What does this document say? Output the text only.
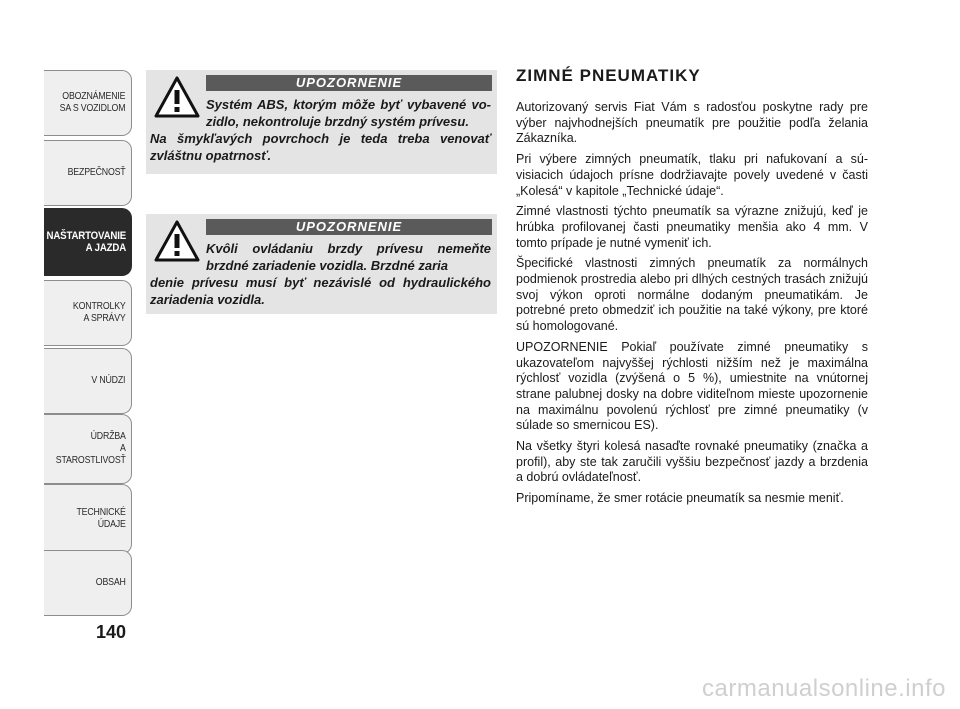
OBOZNÁMENIE
SA S VOZIDLOM
BEZPEČNOSŤ
NAŠTARTOVANIE
A JAZDA
KONTROLKY
A SPRÁVY
V NÚDZI
ÚDRŽBA
A STAROSTLIVOSŤ
TECHNICKÉ
ÚDAJE
OBSAH
140
UPOZORNENIE
Systém ABS, ktorým môže byť vybavené vozidlo, nekontroluje brzdný systém prívesu.
Na šmykľavých povrchoch je teda treba venovať zvláštnu opatrnosť.
UPOZORNENIE
Kvôli ovládaniu brzdy prívesu nemeňte brzdné zariadenie vozidla. Brzdné zaria
denie prívesu musí byť nezávislé od hydraulického zariadenia vozidla.
ZIMNÉ PNEUMATIKY

Autorizovaný servis Fiat Vám s radosťou poskytne rady pre výber najvhodnejších pneumatík pre použitie podľa želania Zákazníka.

Pri výbere zimných pneumatík, tlaku pri nafukovaní a súvisiacich údajoch prísne dodržiavajte povely uvedené v časti „Kolesá“ v kapitole „Technické údaje“.

Zimné vlastnosti týchto pneumatík sa výrazne znižujú, keď je hrúbka profilovanej časti pneumatiky menšia ako 4 mm. V tomto prípade je nutné vymeniť ich.

Špecifické vlastnosti zimných pneumatík za normálnych podmienok prostredia alebo pri dlhých cestných trasách znižujú svoj výkon oproti normálne dodaným pneumatikám. Je potrebné preto obmedziť ich použitie na také výkony, pre ktoré sú homologované.

UPOZORNENIE Pokiaľ používate zimné pneumatiky s ukazovateľom najvyššej rýchlosti nižším než je maximálna rýchlosť vozidla (zvýšená o 5 %), umiestnite na vnútornej strane palubnej dosky na dobre viditeľnom mieste upozornenie na maximálnu povolenú rýchlosť pre zimné pneumatiky (v súlade so smernicou ES).

Na všetky štyri kolesá nasaďte rovnaké pneumatiky (značka a profil), aby ste tak zaručili vyššiu bezpečnosť jazdy a brzdenia a dobrú ovládateľnosť.

Pripomíname, že smer rotácie pneumatík sa nesmie meniť.

carmanualsonline.info
